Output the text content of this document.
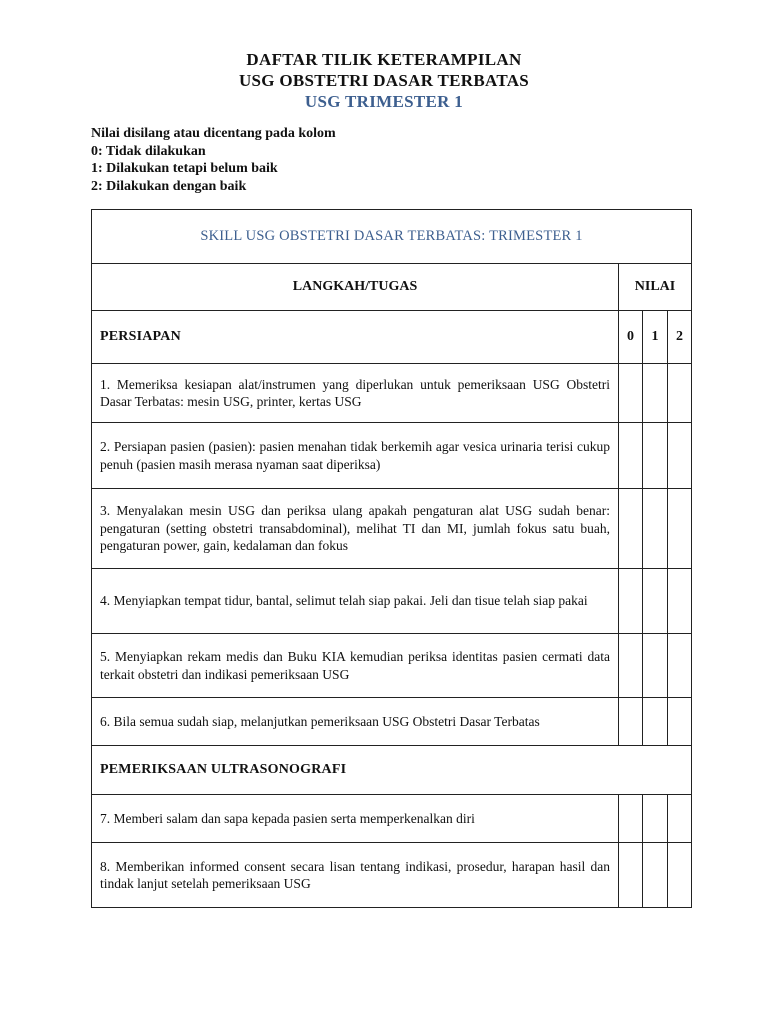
DAFTAR TILIK KETERAMPILAN
USG OBSTETRI DASAR TERBATAS
USG TRIMESTER 1
Nilai disilang atau dicentang pada kolom
0: Tidak dilakukan
1: Dilakukan tetapi belum baik
2: Dilakukan dengan baik
SKILL USG OBSTETRI DASAR TERBATAS: TRIMESTER 1			
LANGKAH/TUGAS	NILAI		
PERSIAPAN	0	1	2
1. Memeriksa kesiapan alat/instrumen yang diperlukan untuk pemeriksaan USG Obstetri Dasar Terbatas: mesin USG, printer, kertas USG			
2. Persiapan pasien (pasien): pasien menahan tidak berkemih agar vesica urinaria terisi cukup penuh (pasien masih merasa nyaman saat diperiksa)			
3. Menyalakan mesin USG dan periksa ulang apakah pengaturan alat USG sudah benar: pengaturan (setting obstetri transabdominal), melihat TI dan MI, jumlah fokus satu buah, pengaturan power, gain, kedalaman dan fokus			
4. Menyiapkan tempat tidur, bantal, selimut telah siap pakai. Jeli dan tisue telah siap pakai			
5. Menyiapkan rekam medis dan Buku KIA kemudian periksa identitas pasien cermati data terkait obstetri dan indikasi pemeriksaan USG			
6. Bila semua sudah siap, melanjutkan pemeriksaan USG Obstetri Dasar Terbatas			
PEMERIKSAAN ULTRASONOGRAFI			
7. Memberi salam dan sapa kepada pasien serta memperkenalkan diri			
8. Memberikan informed consent secara lisan tentang indikasi, prosedur, harapan hasil dan tindak lanjut setelah pemeriksaan USG			
